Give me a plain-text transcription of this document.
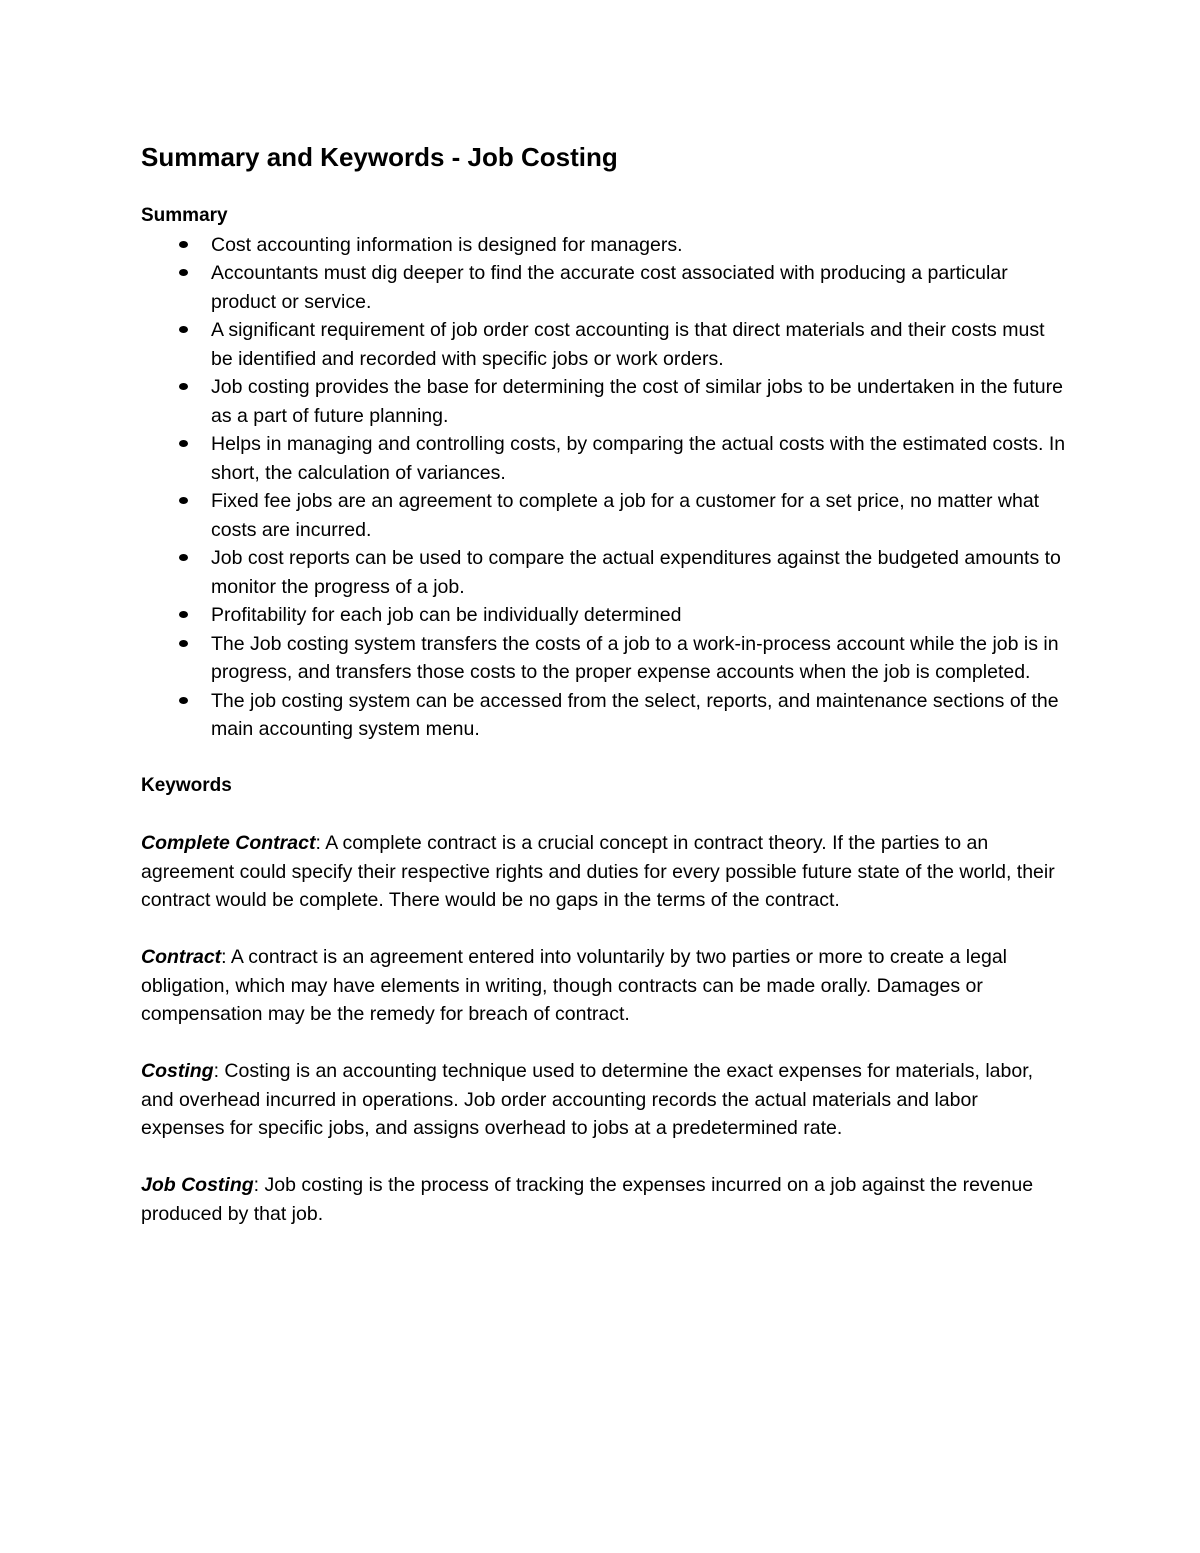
Summary and Keywords - Job Costing
Summary
Cost accounting information is designed for managers.
Accountants must dig deeper to find the accurate cost associated with producing a particular product or service.
A significant requirement of job order cost accounting is that direct materials and their costs must be identified and recorded with specific jobs or work orders.
Job costing provides the base for determining the cost of similar jobs to be undertaken in the future as a part of future planning.
Helps in managing and controlling costs, by comparing the actual costs with the estimated costs. In short, the calculation of variances.
Fixed fee jobs are an agreement to complete a job for a customer for a set price, no matter what costs are incurred.
Job cost reports can be used to compare the actual expenditures against the budgeted amounts to monitor the progress of a job.
Profitability for each job can be individually determined
The Job costing system transfers the costs of a job to a work-in-process account while the job is in progress, and transfers those costs to the proper expense accounts when the job is completed.
The job costing system can be accessed from the select, reports, and maintenance sections of the main accounting system menu.
Keywords

Complete Contract: A complete contract is a crucial concept in contract theory. If the parties to an agreement could specify their respective rights and duties for every possible future state of the world, their contract would be complete. There would be no gaps in the terms of the contract.

Contract: A contract is an agreement entered into voluntarily by two parties or more to create a legal obligation, which may have elements in writing, though contracts can be made orally. Damages or compensation may be the remedy for breach of contract.

Costing: Costing is an accounting technique used to determine the exact expenses for materials, labor, and overhead incurred in operations. Job order accounting records the actual materials and labor expenses for specific jobs, and assigns overhead to jobs at a predetermined rate.

Job Costing: Job costing is the process of tracking the expenses incurred on a job against the revenue produced by that job.
